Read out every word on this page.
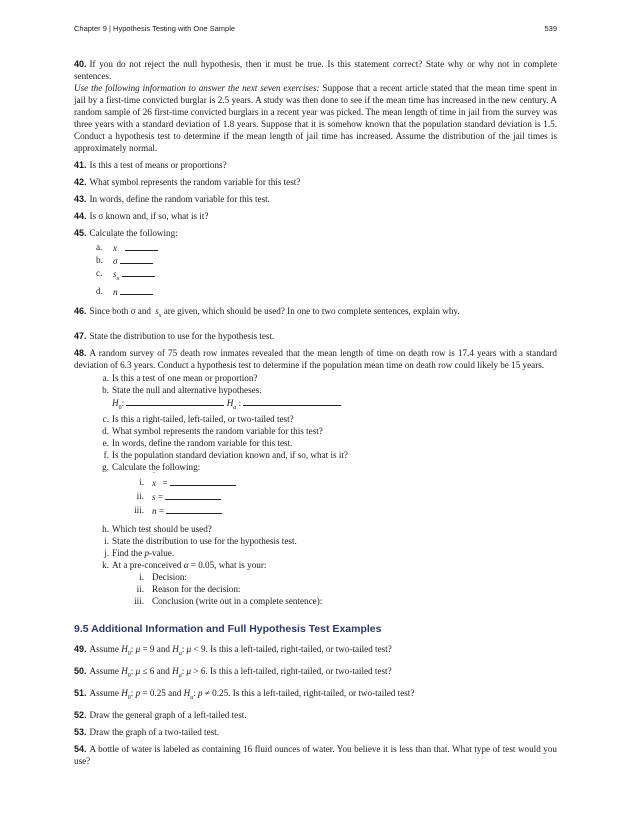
Chapter 9 | Hypothesis Testing with One Sample	539

40. If you do not reject the null hypothesis, then it must be true. Is this statement correct? State why or why not in complete sentences.

Use the following information to answer the next seven exercises: Suppose that a recent article stated that the mean time spent in jail by a first-time convicted burglar is 2.5 years. A study was then done to see if the mean time has increased in the new century. A random sample of 26 first-time convicted burglars in a recent year was picked. The mean length of time in jail from the survey was three years with a standard deviation of 1.8 years. Suppose that it is somehow known that the population standard deviation is 1.5. Conduct a hypothesis test to determine if the mean length of jail time has increased. Assume the distribution of the jail times is approximately normal.

41. Is this a test of means or proportions?

42. What symbol represents the random variable for this test?

43. In words, define the random variable for this test.

44. Is σ known and, if so, what is it?

45. Calculate the following:

a.	‾ x
b.	σ
c.	$s_x$
d.	n

46. Since both σ and $s_x$ are given, which should be used? In one to two complete sentences, explain why.

47. State the distribution to use for the hypothesis test.

48. A random survey of 75 death row inmates revealed that the mean length of time on death row is 17.4 years with a standard deviation of 6.3 years. Conduct a hypothesis test to determine if the population mean time on death row could likely be 15 years.

a. Is this a test of one mean or proportion?
b. State the null and alternative hypotheses.
$H_0$:	$H_a$ :
c. Is this a right-tailed, left-tailed, or two-tailed test?
d. What symbol represents the random variable for this test?
e. In words, define the random variable for this test.
f. Is the population standard deviation known and, if so, what is it?
g. Calculate the following:
i. ‾ x =
ii. s =
iii. n =
h. Which test should be used?
i. State the distribution to use for the hypothesis test.
j. Find the p-value.
k. At a pre-conceived α = 0.05, what is your:
i. Decision:
ii. Reason for the decision:
iii. Conclusion (write out in a complete sentence):
9.5 Additional Information and Full Hypothesis Test Examples

49. Assume $H_0$: μ = 9 and $H_a$: μ < 9. Is this a left-tailed, right-tailed, or two-tailed test?

50. Assume $H_0$: μ ≤ 6 and $H_a$: μ > 6. Is this a left-tailed, right-tailed, or two-tailed test?

51. Assume $H_0$: p = 0.25 and $H_a$: p ≠ 0.25. Is this a left-tailed, right-tailed, or two-tailed test?

52. Draw the general graph of a left-tailed test.

53. Draw the graph of a two-tailed test.

54. A bottle of water is labeled as containing 16 fluid ounces of water. You believe it is less than that. What type of test would you use?
